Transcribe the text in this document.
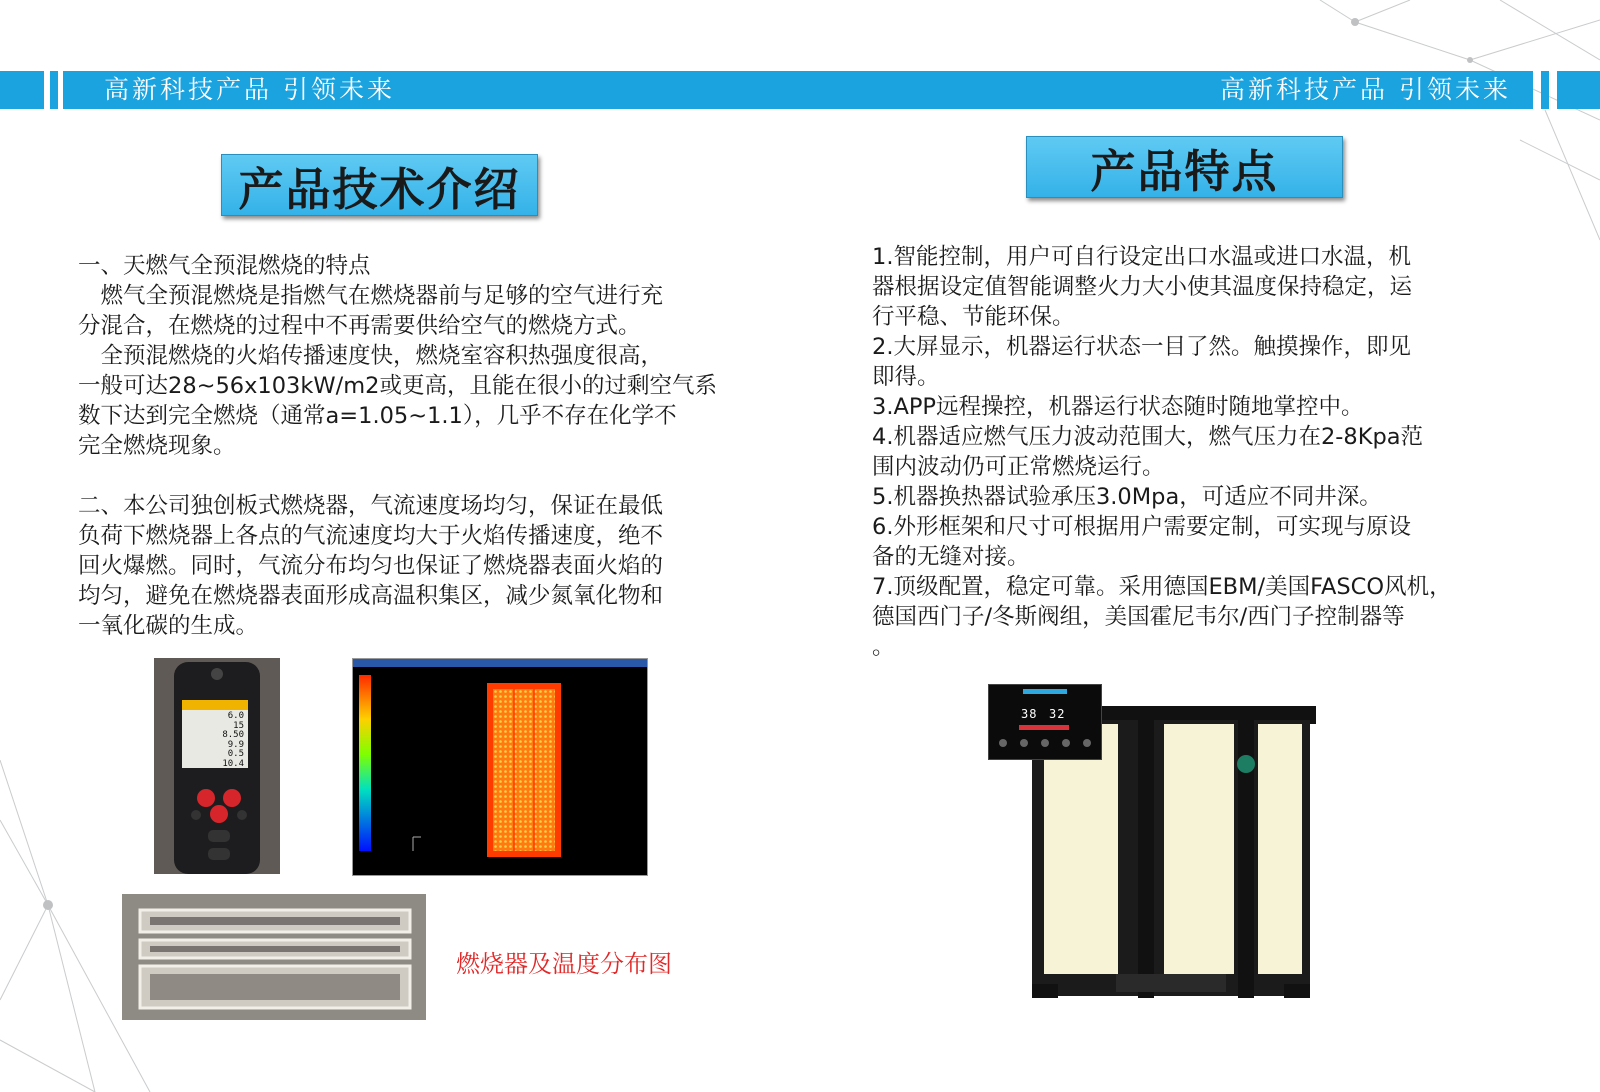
高新科技产品 引领未来	高新科技产品 引领未来
产品技术介绍	产品特点

一、天燃气全预混燃烧的特点

　燃气全预混燃烧是指燃气在燃烧器前与足够的空气进行充

分混合，在燃烧的过程中不再需要供给空气的燃烧方式。

　全预混燃烧的火焰传播速度快，燃烧室容积热强度很高，

一般可达28~56x103kW/m2或更高，且能在很小的过剩空气系

数下达到完全燃烧（通常a=1.05~1.1），几乎不存在化学不

完全燃烧现象。

二、本公司独创板式燃烧器，气流速度场均匀，保证在最低

负荷下燃烧器上各点的气流速度均大于火焰传播速度，绝不

回火爆燃。同时，气流分布均匀也保证了燃烧器表面火焰的

均匀，避免在燃烧器表面形成高温积集区，减少氮氧化物和

一氧化碳的生成。

1.智能控制，用户可自行设定出口水温或进口水温，机

器根据设定值智能调整火力大小使其温度保持稳定，运

行平稳、节能环保。

2.大屏显示，机器运行状态一目了然。触摸操作，即见

即得。

3.APP远程操控，机器运行状态随时随地掌控中。

4.机器适应燃气压力波动范围大，燃气压力在2-8Kpa范

围内波动仍可正常燃烧运行。

5.机器换热器试验承压3.0Mpa，可适应不同井深。

6.外形框架和尺寸可根据用户需要定制，可实现与原设

备的无缝对接。

7.顶级配置，稳定可靠。采用德国EBM/美国FASCO风机，

德国西门子/冬斯阀组，美国霍尼韦尔/西门子控制器等

。

6.0
15
8.50
9.9
0.5
10.4
燃烧器及温度分布图
38 32
